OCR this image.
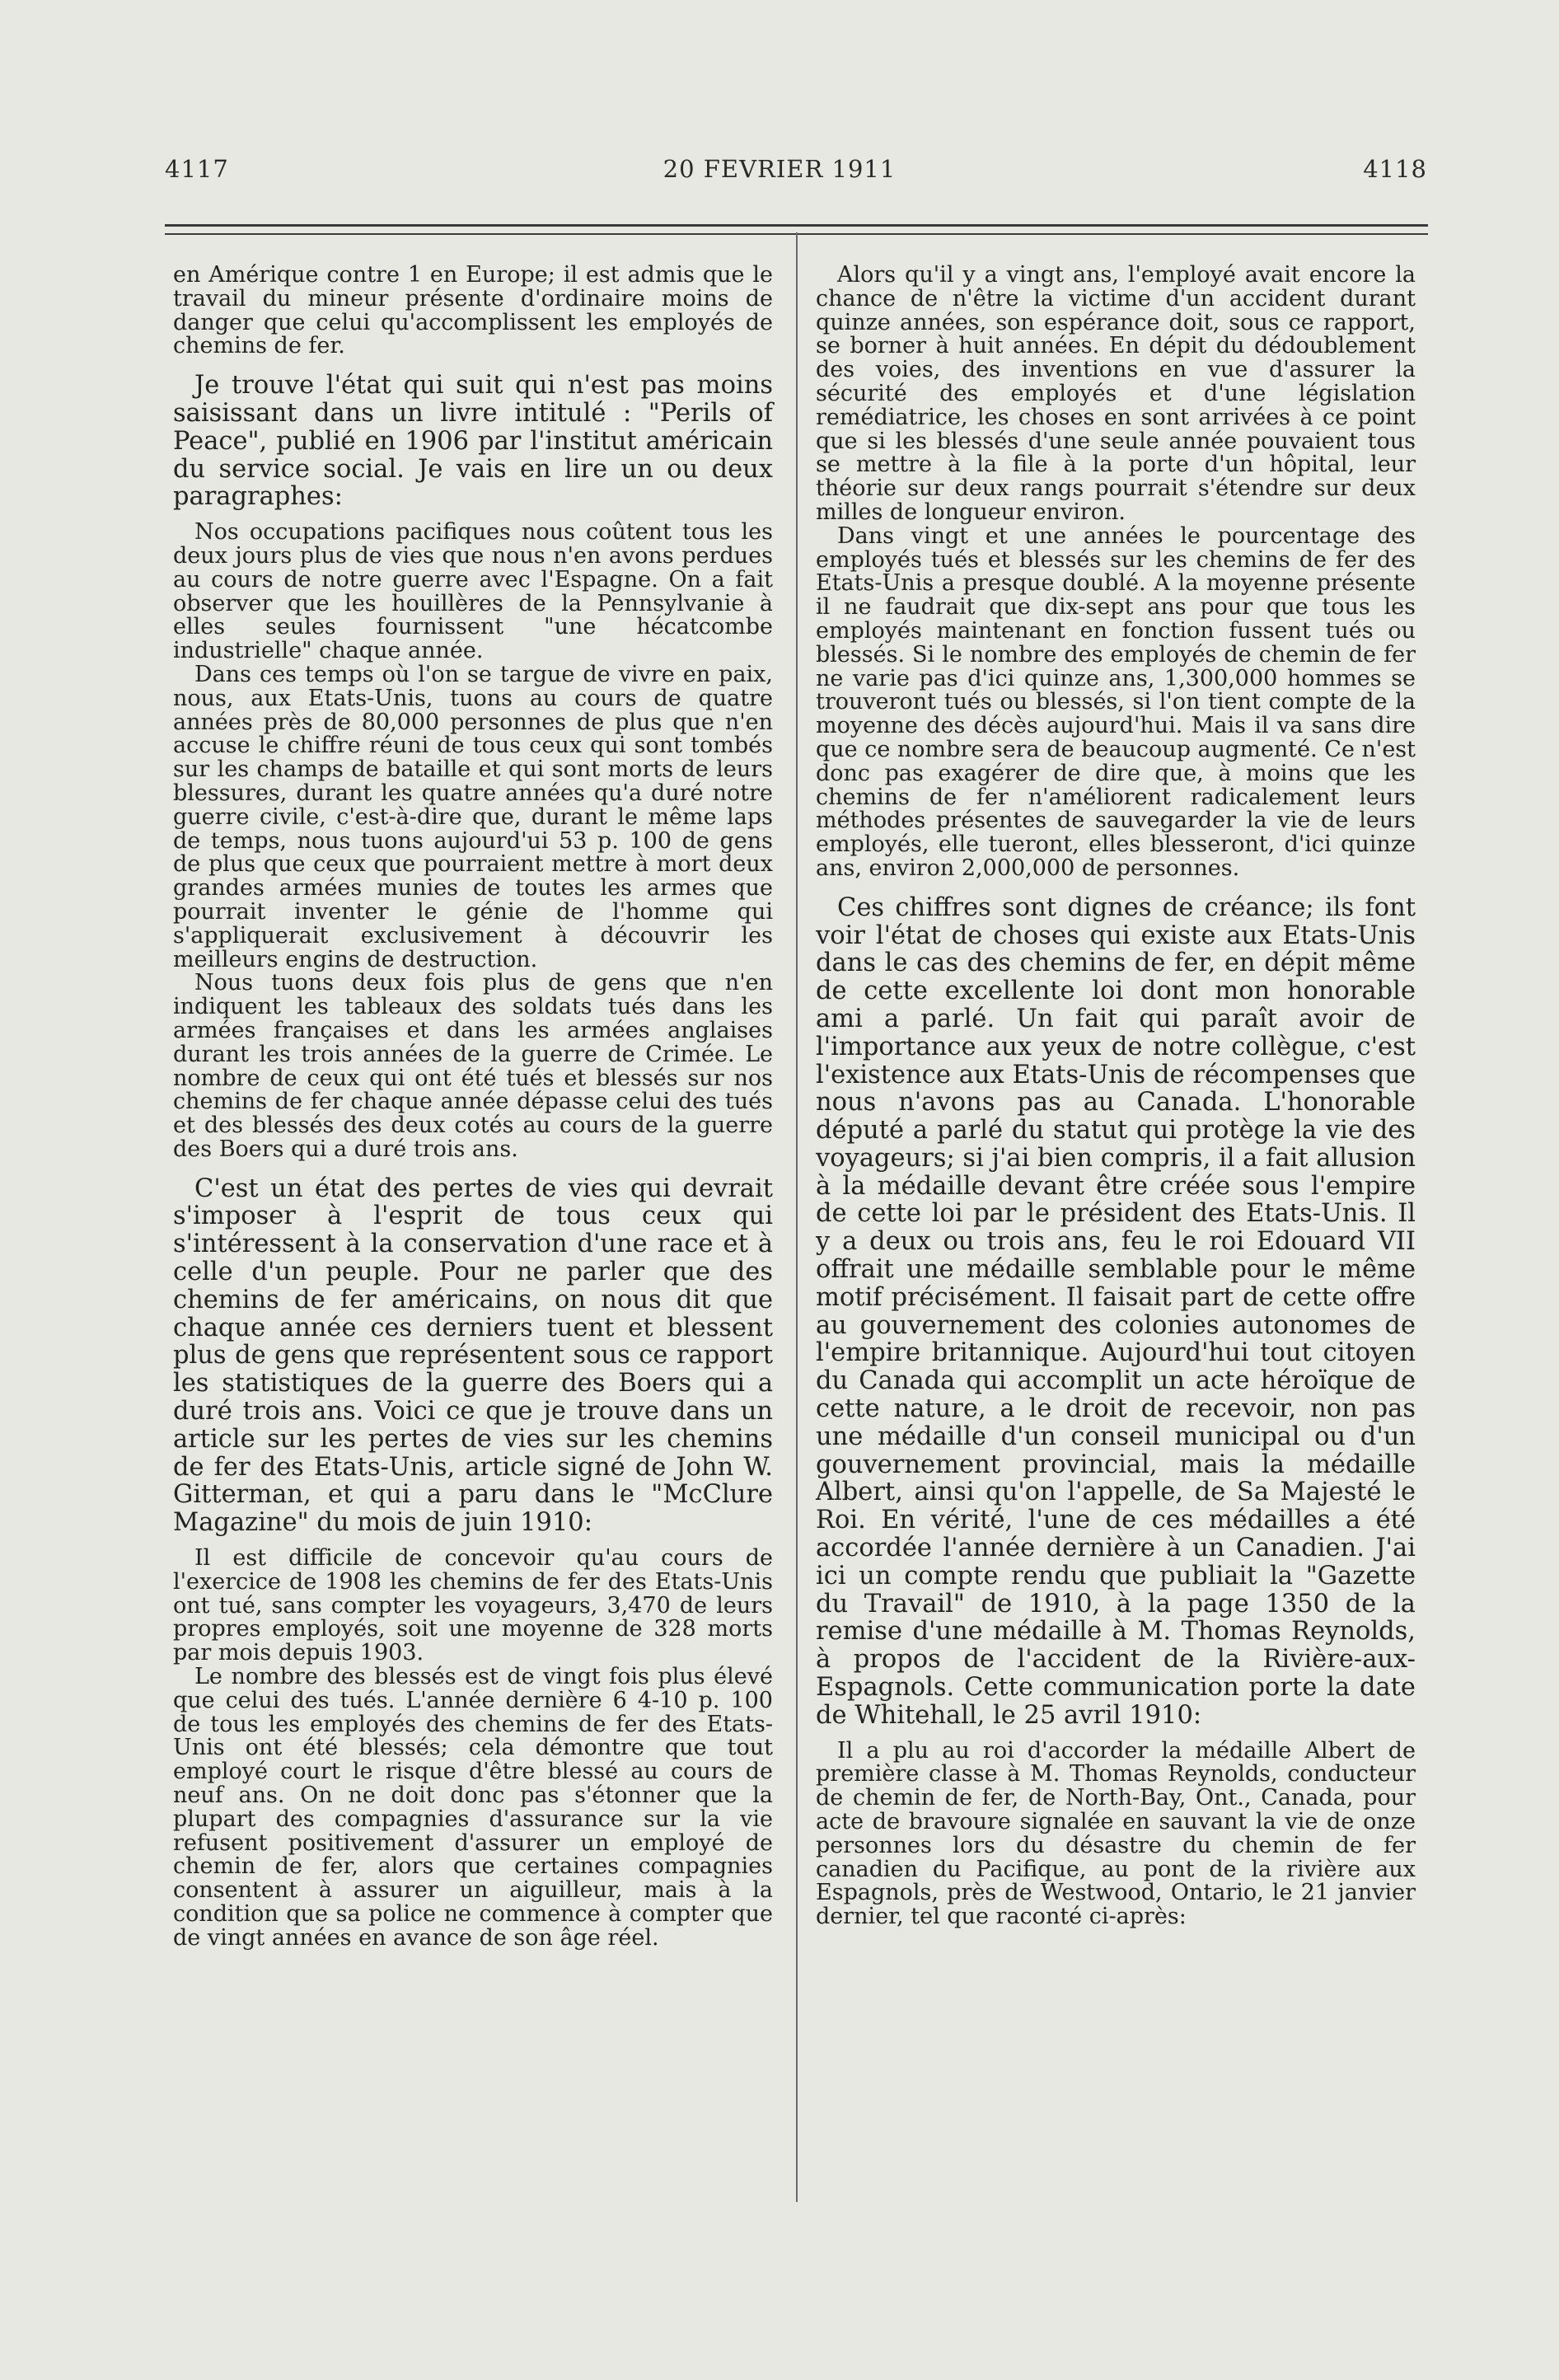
4117	20 FEVRIER 1911	4118

en Amérique contre 1 en Europe; il est admis que le travail du mineur présente d'ordinaire moins de danger que celui qu'accomplissent les employés de chemins de fer.

Je trouve l'état qui suit qui n'est pas moins saisissant dans un livre intitulé : "Perils of Peace", publié en 1906 par l'institut américain du service social. Je vais en lire un ou deux paragraphes:

Nos occupations pacifiques nous coûtent tous les deux jours plus de vies que nous n'en avons perdues au cours de notre guerre avec l'Espagne. On a fait observer que les houillères de la Pennsylvanie à elles seules fournissent "une hécatcombe industrielle" chaque année.

Dans ces temps où l'on se targue de vivre en paix, nous, aux Etats-Unis, tuons au cours de quatre années près de 80,000 personnes de plus que n'en accuse le chiffre réuni de tous ceux qui sont tombés sur les champs de bataille et qui sont morts de leurs blessures, durant les quatre années qu'a duré notre guerre civile, c'est-à-dire que, durant le même laps de temps, nous tuons aujourd'ui 53 p. 100 de gens de plus que ceux que pourraient mettre à mort deux grandes armées munies de toutes les armes que pourrait inventer le génie de l'homme qui s'appliquerait exclusivement à découvrir les meilleurs engins de destruction.

Nous tuons deux fois plus de gens que n'en indiquent les tableaux des soldats tués dans les armées françaises et dans les armées anglaises durant les trois années de la guerre de Crimée. Le nombre de ceux qui ont été tués et blessés sur nos chemins de fer chaque année dépasse celui des tués et des blessés des deux cotés au cours de la guerre des Boers qui a duré trois ans.

C'est un état des pertes de vies qui devrait s'imposer à l'esprit de tous ceux qui s'intéressent à la conservation d'une race et à celle d'un peuple. Pour ne parler que des chemins de fer américains, on nous dit que chaque année ces derniers tuent et blessent plus de gens que représentent sous ce rapport les statistiques de la guerre des Boers qui a duré trois ans. Voici ce que je trouve dans un article sur les pertes de vies sur les chemins de fer des Etats-Unis, article signé de John W. Gitterman, et qui a paru dans le "McClure Magazine" du mois de juin 1910:

Il est difficile de concevoir qu'au cours de l'exercice de 1908 les chemins de fer des Etats-Unis ont tué, sans compter les voyageurs, 3,470 de leurs propres employés, soit une moyenne de 328 morts par mois depuis 1903.

Le nombre des blessés est de vingt fois plus élevé que celui des tués. L'année dernière 6 4-10 p. 100 de tous les employés des chemins de fer des Etats-Unis ont été blessés; cela démontre que tout employé court le risque d'être blessé au cours de neuf ans. On ne doit donc pas s'étonner que la plupart des compagnies d'assurance sur la vie refusent positivement d'assurer un employé de chemin de fer, alors que certaines compagnies consentent à assurer un aiguilleur, mais à la condition que sa police ne commence à compter que de vingt années en avance de son âge réel.

Alors qu'il y a vingt ans, l'employé avait encore la chance de n'être la victime d'un accident durant quinze années, son espérance doit, sous ce rapport, se borner à huit années. En dépit du dédoublement des voies, des inventions en vue d'assurer la sécurité des employés et d'une législation remédiatrice, les choses en sont arrivées à ce point que si les blessés d'une seule année pouvaient tous se mettre à la file à la porte d'un hôpital, leur théorie sur deux rangs pourrait s'étendre sur deux milles de longueur environ.

Dans vingt et une années le pourcentage des employés tués et blessés sur les chemins de fer des Etats-Unis a presque doublé. A la moyenne présente il ne faudrait que dix-sept ans pour que tous les employés maintenant en fonction fussent tués ou blessés. Si le nombre des employés de chemin de fer ne varie pas d'ici quinze ans, 1,300,000 hommes se trouveront tués ou blessés, si l'on tient compte de la moyenne des décès aujourd'hui. Mais il va sans dire que ce nombre sera de beaucoup augmenté. Ce n'est donc pas exagérer de dire que, à moins que les chemins de fer n'améliorent radicalement leurs méthodes présentes de sauvegarder la vie de leurs employés, elle tueront, elles blesseront, d'ici quinze ans, environ 2,000,000 de personnes.

Ces chiffres sont dignes de créance; ils font voir l'état de choses qui existe aux Etats-Unis dans le cas des chemins de fer, en dépit même de cette excellente loi dont mon honorable ami a parlé. Un fait qui paraît avoir de l'importance aux yeux de notre collègue, c'est l'existence aux Etats-Unis de récompenses que nous n'avons pas au Canada. L'honorable député a parlé du statut qui protège la vie des voyageurs; si j'ai bien compris, il a fait allusion à la médaille devant être créée sous l'empire de cette loi par le président des Etats-Unis. Il y a deux ou trois ans, feu le roi Edouard VII offrait une médaille semblable pour le même motif précisément. Il faisait part de cette offre au gouvernement des colonies autonomes de l'empire britannique. Aujourd'hui tout citoyen du Canada qui accomplit un acte héroïque de cette nature, a le droit de recevoir, non pas une médaille d'un conseil municipal ou d'un gouvernement provincial, mais la médaille Albert, ainsi qu'on l'appelle, de Sa Majesté le Roi. En vérité, l'une de ces médailles a été accordée l'année dernière à un Canadien. J'ai ici un compte rendu que publiait la "Gazette du Travail" de 1910, à la page 1350 de la remise d'une médaille à M. Thomas Reynolds, à propos de l'accident de la Rivière-aux-Espagnols. Cette communication porte la date de Whitehall, le 25 avril 1910:

Il a plu au roi d'accorder la médaille Albert de première classe à M. Thomas Reynolds, conducteur de chemin de fer, de North-Bay, Ont., Canada, pour acte de bravoure signalée en sauvant la vie de onze personnes lors du désastre du chemin de fer canadien du Pacifique, au pont de la rivière aux Espagnols, près de Westwood, Ontario, le 21 janvier dernier, tel que raconté ci-après:
